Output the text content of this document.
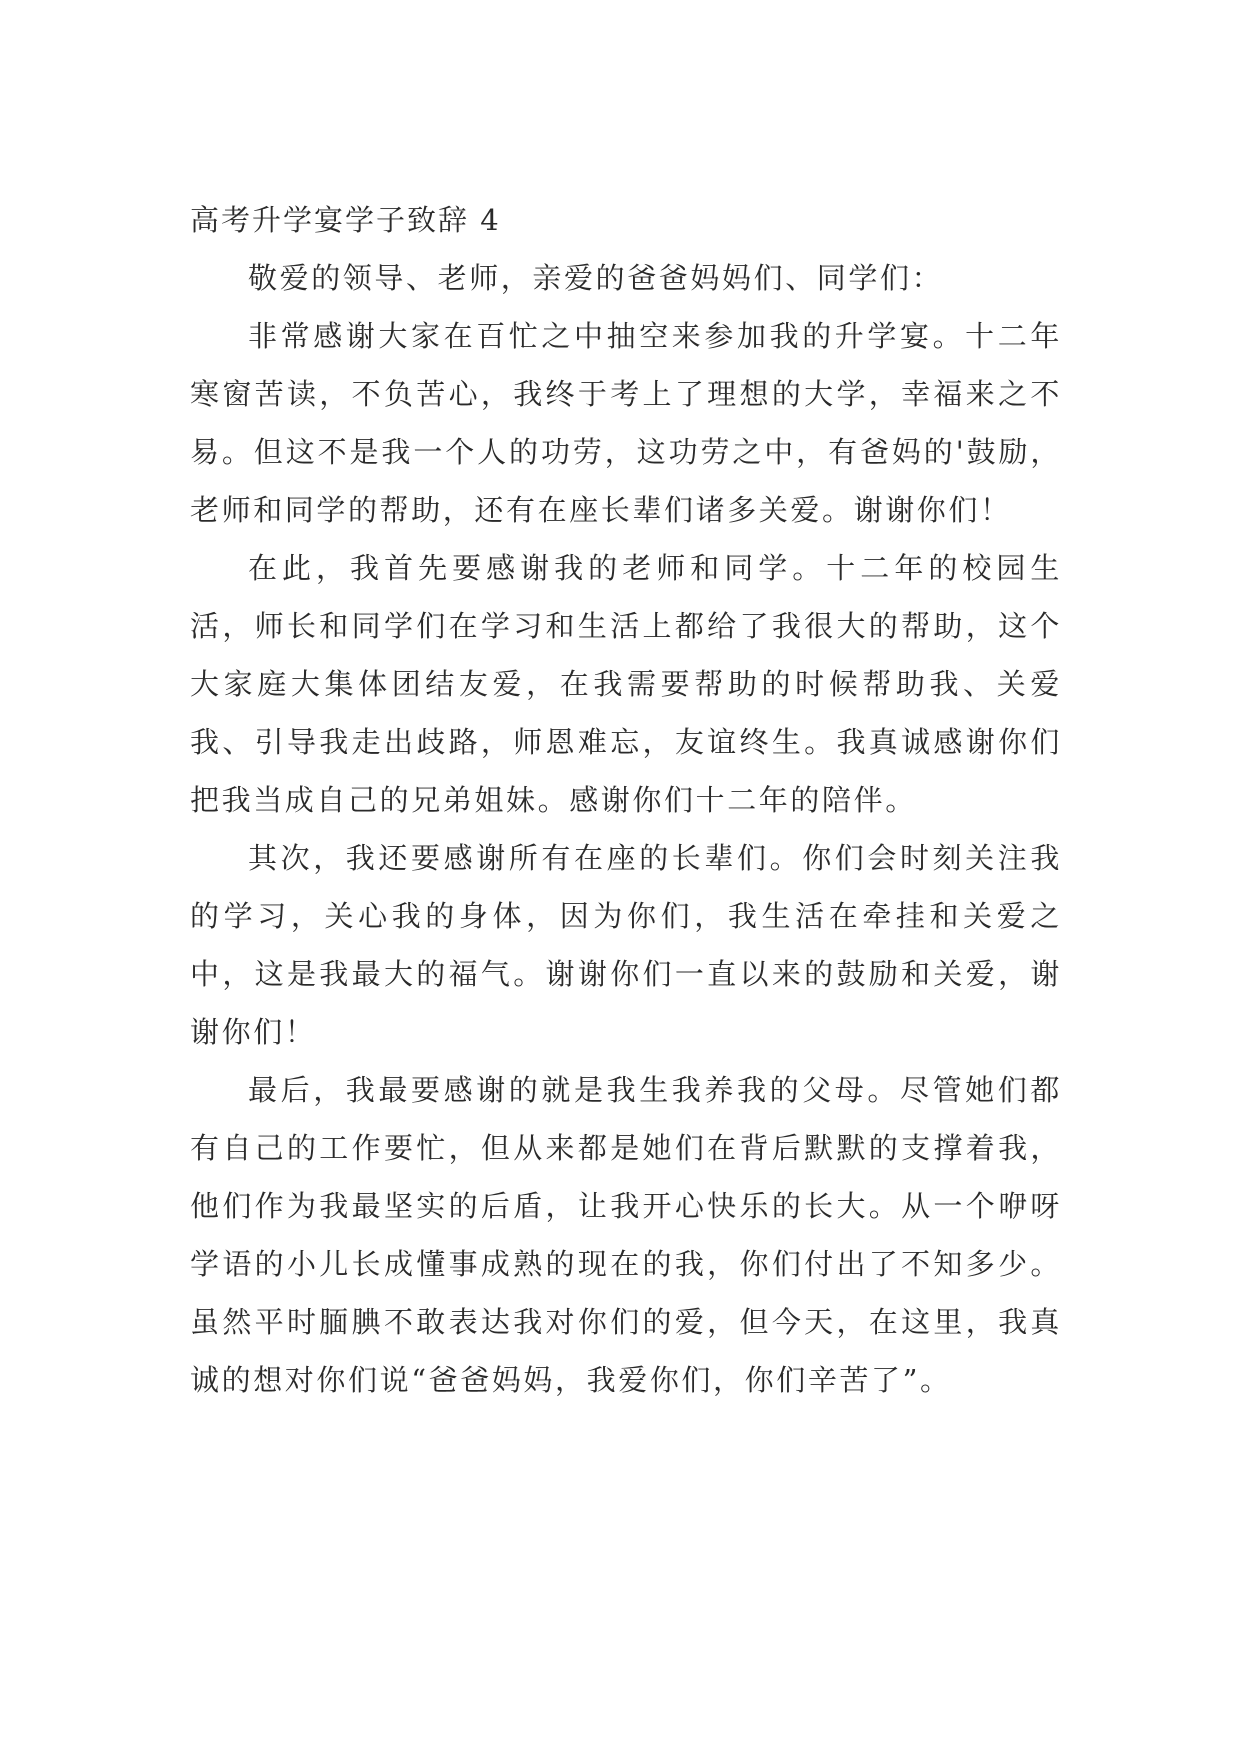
高考升学宴学子致辞 4

敬爱的领导、老师，亲爱的爸爸妈妈们、同学们：

非常感谢大家在百忙之中抽空来参加我的升学宴。十二年寒窗苦读，不负苦心，我终于考上了理想的大学，幸福来之不易。但这不是我一个人的功劳，这功劳之中，有爸妈的'鼓励，老师和同学的帮助，还有在座长辈们诸多关爱。谢谢你们！

在此，我首先要感谢我的老师和同学。十二年的校园生活，师长和同学们在学习和生活上都给了我很大的帮助，这个大家庭大集体团结友爱，在我需要帮助的时候帮助我、关爱我、引导我走出歧路，师恩难忘，友谊终生。我真诚感谢你们把我当成自己的兄弟姐妹。感谢你们十二年的陪伴。

其次，我还要感谢所有在座的长辈们。你们会时刻关注我的学习，关心我的身体，因为你们，我生活在牵挂和关爱之中，这是我最大的福气。谢谢你们一直以来的鼓励和关爱，谢谢你们！

最后，我最要感谢的就是我生我养我的父母。尽管她们都有自己的工作要忙，但从来都是她们在背后默默的支撑着我，他们作为我最坚实的后盾，让我开心快乐的长大。从一个咿呀学语的小儿长成懂事成熟的现在的我，你们付出了不知多少。虽然平时腼腆不敢表达我对你们的爱，但今天，在这里，我真诚的想对你们说“爸爸妈妈，我爱你们，你们辛苦了”。
